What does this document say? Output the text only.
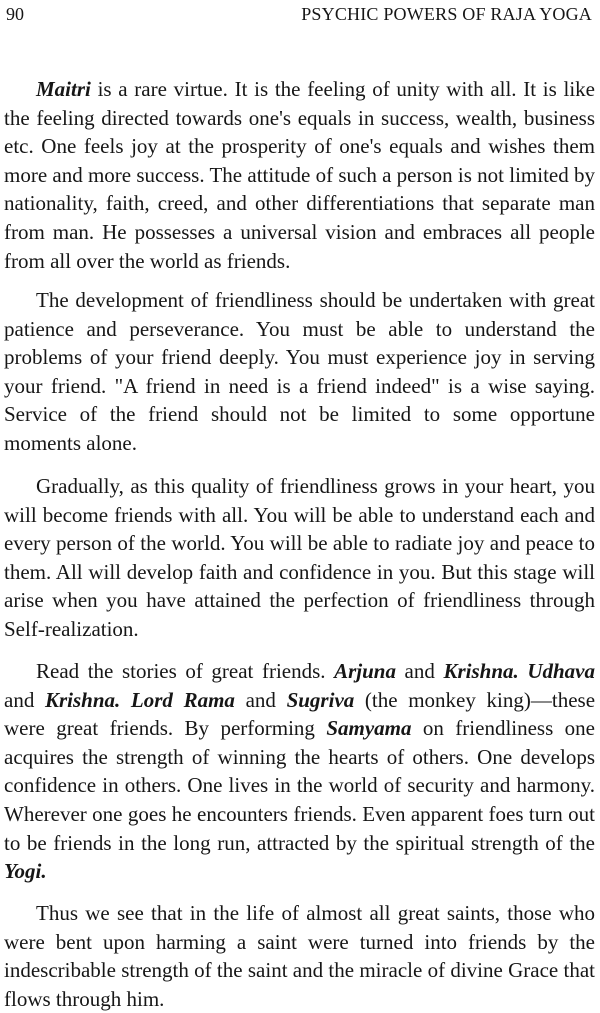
90	PSYCHIC POWERS OF RAJA YOGA

Maitri is a rare virtue. It is the feeling of unity with all. It is like the feeling directed towards one's equals in success, wealth, business etc. One feels joy at the prosperity of one's equals and wishes them more and more success. The attitude of such a person is not limited by nationality, faith, creed, and other differentiations that separate man from man. He possesses a universal vision and embraces all people from all over the world as friends.

The development of friendliness should be undertaken with great patience and perseverance. You must be able to understand the problems of your friend deeply. You must experience joy in serving your friend. "A friend in need is a friend indeed" is a wise saying. Service of the friend should not be limited to some opportune moments alone.

Gradually, as this quality of friendliness grows in your heart, you will become friends with all. You will be able to understand each and every person of the world. You will be able to radiate joy and peace to them. All will develop faith and confidence in you. But this stage will arise when you have attained the perfection of friendliness through Self-realization.

Read the stories of great friends. Arjuna and Krishna. Udhava and Krishna. Lord Rama and Sugriva (the monkey king)—these were great friends. By performing Samyama on friendliness one acquires the strength of winning the hearts of others. One develops confidence in others. One lives in the world of security and harmony. Wherever one goes he encounters friends. Even apparent foes turn out to be friends in the long run, attracted by the spiritual strength of the Yogi.

Thus we see that in the life of almost all great saints, those who were bent upon harming a saint were turned into friends by the indescribable strength of the saint and the miracle of divine Grace that flows through him.
